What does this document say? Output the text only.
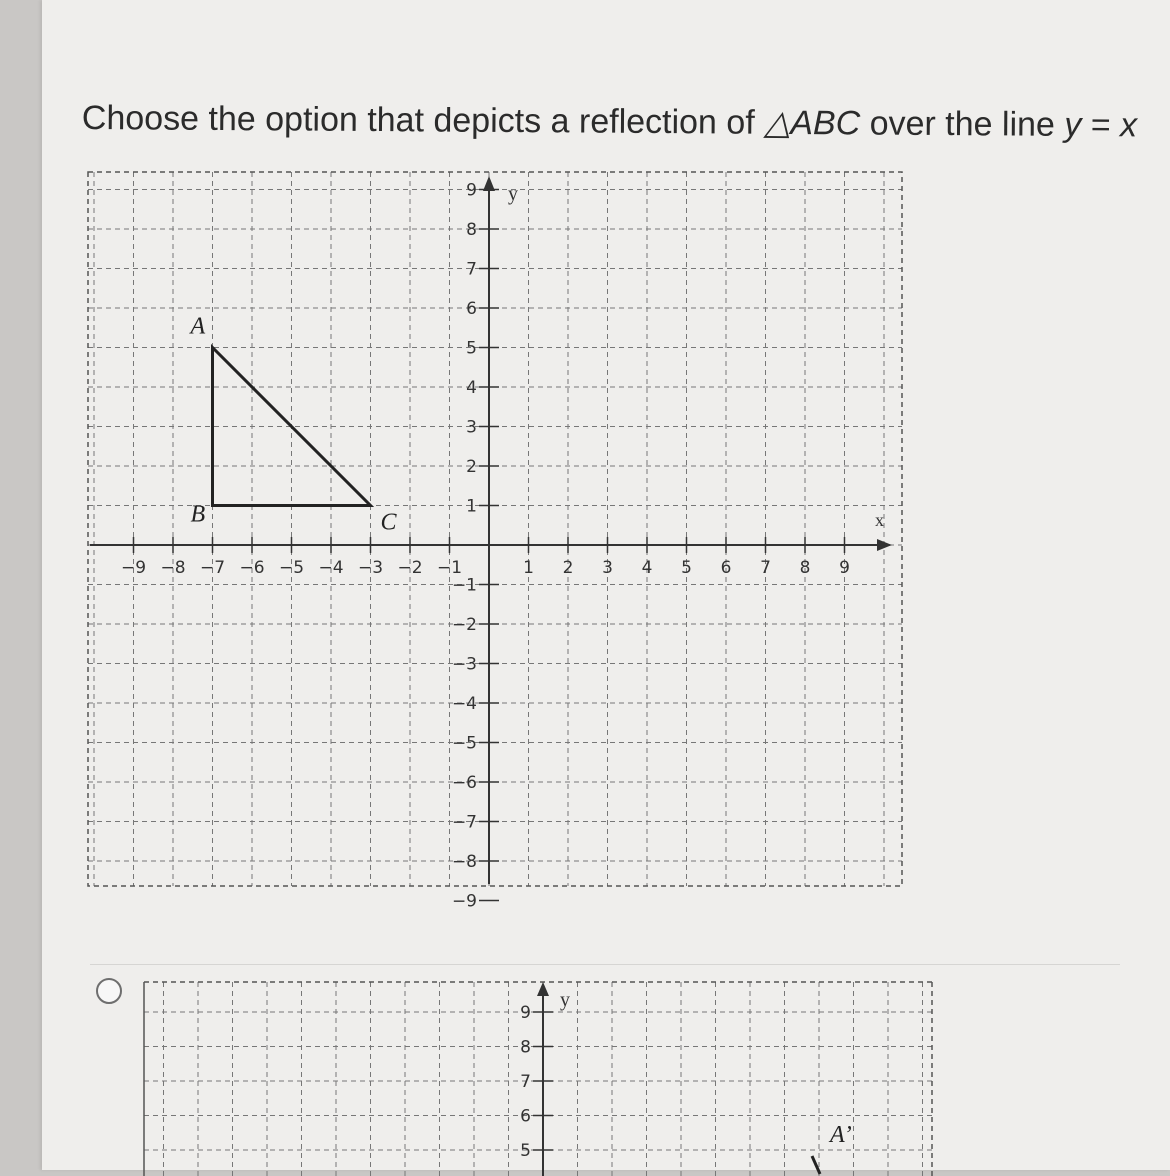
Choose the option that depicts a reflection of △ABC over the line y = x
y
x
−9 −8 −7 −6 −5 −4 −3 −2 −1	1 2 3 4 5 6 7 8 9
9
8
7
6
5
4
3
2
1
−1
−2
−3
−4
−5
−6
−7
−8
−9
A
B	C
y
9
8
7
6
5
A’
